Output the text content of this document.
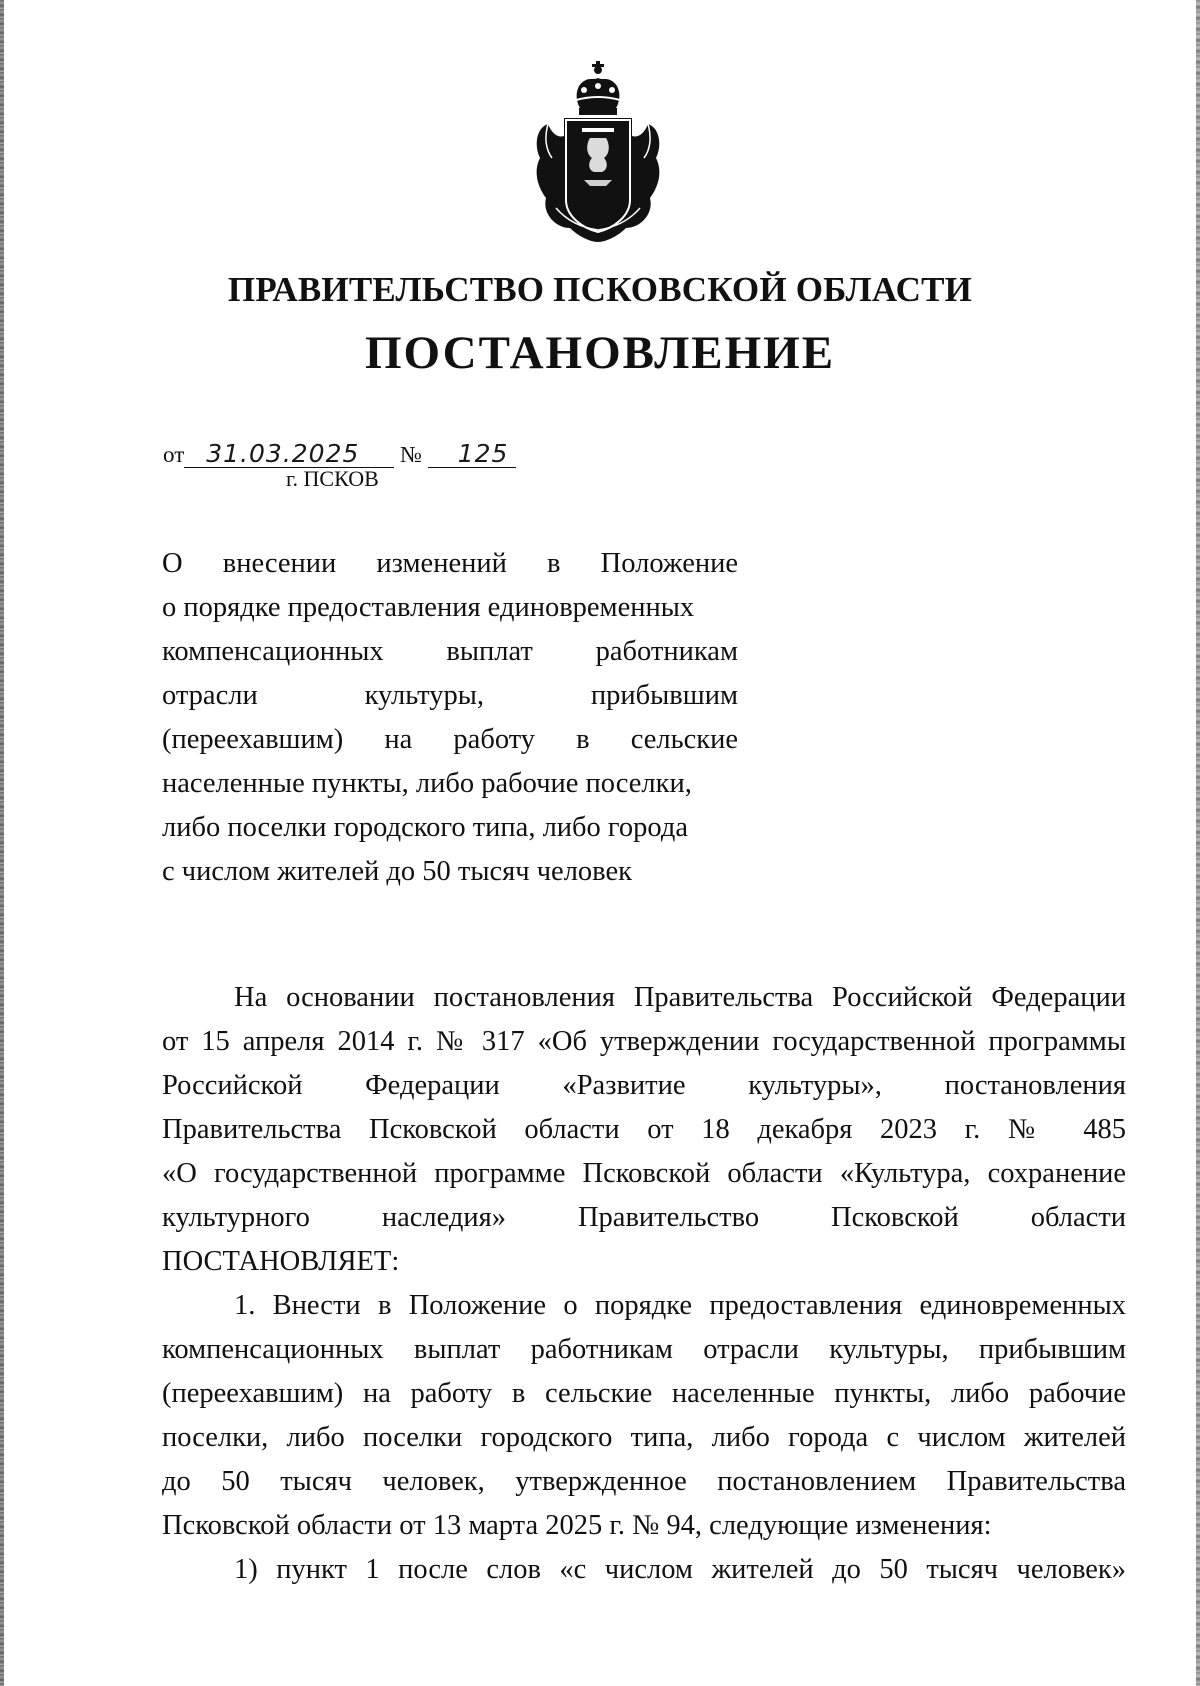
ПРАВИТЕЛЬСТВО ПСКОВСКОЙ ОБЛАСТИ
ПОСТАНОВЛЕНИЕ
от 31.03.2025 № 125
г. ПСКОВ
О внесении изменений в Положение
о порядке предоставления единовременных
компенсационных выплат работникам
отрасли культуры, прибывшим
(переехавшим) на работу в сельские
населенные пункты, либо рабочие поселки,
либо поселки городского типа, либо города
с числом жителей до 50 тысяч человек
На основании постановления Правительства Российской Федерации
от 15 апреля 2014 г. № 317 «Об утверждении государственной программы
Российской Федерации «Развитие культуры», постановления
Правительства Псковской области от 18 декабря 2023 г. № 485
«О государственной программе Псковской области «Культура, сохранение
культурного наследия» Правительство Псковской области
ПОСТАНОВЛЯЕТ:
1. Внести в Положение о порядке предоставления единовременных
компенсационных выплат работникам отрасли культуры, прибывшим
(переехавшим) на работу в сельские населенные пункты, либо рабочие
поселки, либо поселки городского типа, либо города с числом жителей
до 50 тысяч человек, утвержденное постановлением Правительства
Псковской области от 13 марта 2025 г. № 94, следующие изменения:
1) пункт 1 после слов «с числом жителей до 50 тысяч человек»
